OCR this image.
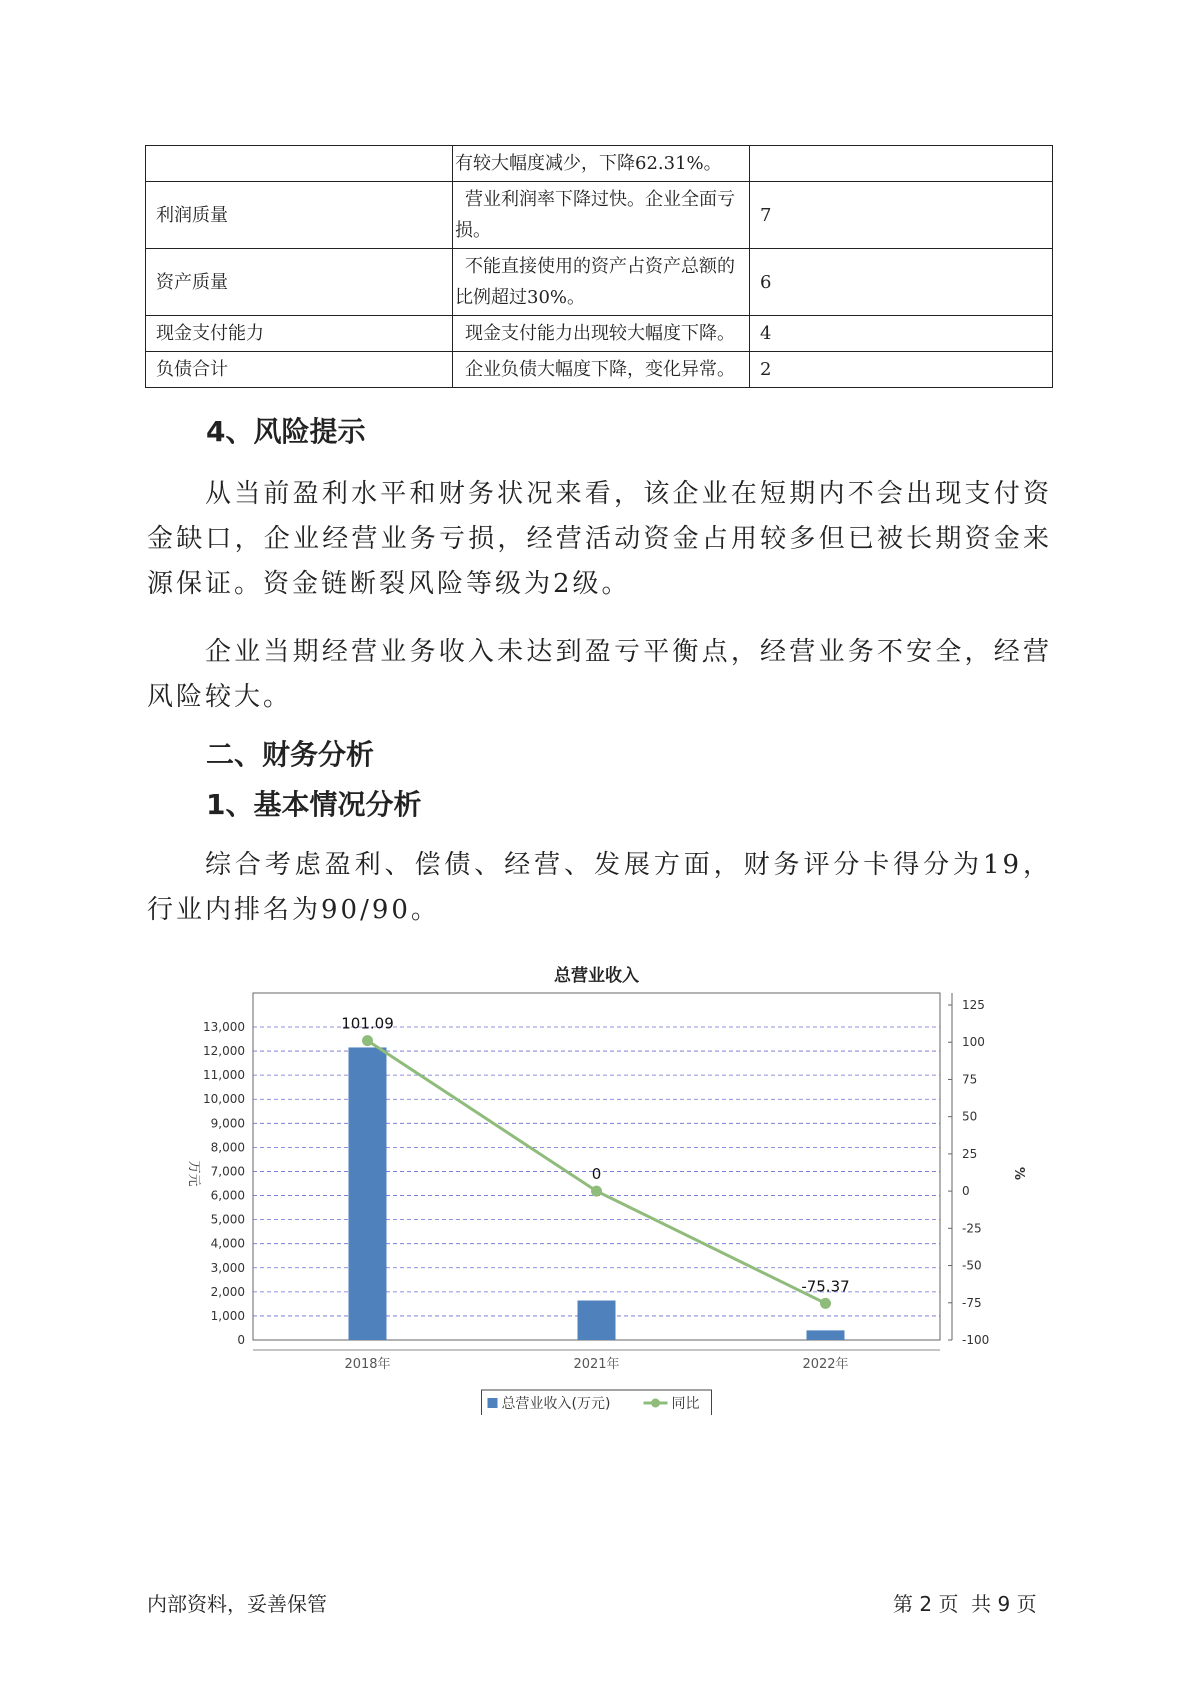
	有较大幅度减少，下降62.31%。	
利润质量	营业利润率下降过快。企业全面亏损。	7
资产质量	不能直接使用的资产占资产总额的比例超过30%。	6
现金支付能力	现金支付能力出现较大幅度下降。	4
负债合计	企业负债大幅度下降，变化异常。	2
4、风险提示

从当前盈利水平和财务状况来看，该企业在短期内不会出现支付资金缺口，企业经营业务亏损，经营活动资金占用较多但已被长期资金来源保证。资金链断裂风险等级为2级。

企业当期经营业务收入未达到盈亏平衡点，经营业务不安全，经营风险较大。

二、财务分析
1、基本情况分析

综合考虑盈利、偿债、经营、发展方面，财务评分卡得分为19，行业内排名为90/90。

总营业收入
0
1,000
2,000
3,000
4,000
5,000
6,000
7,000
8,000
9,000
10,000
11,000
12,000
13,000
万元
125
100
75
50
25
0
-25
-50
-75
-100
%
2018年	2021年	2022年
101.09
0
-75.37
总营业收入(万元)	同比
内部资料，妥善保管	第 2 页  共 9 页
